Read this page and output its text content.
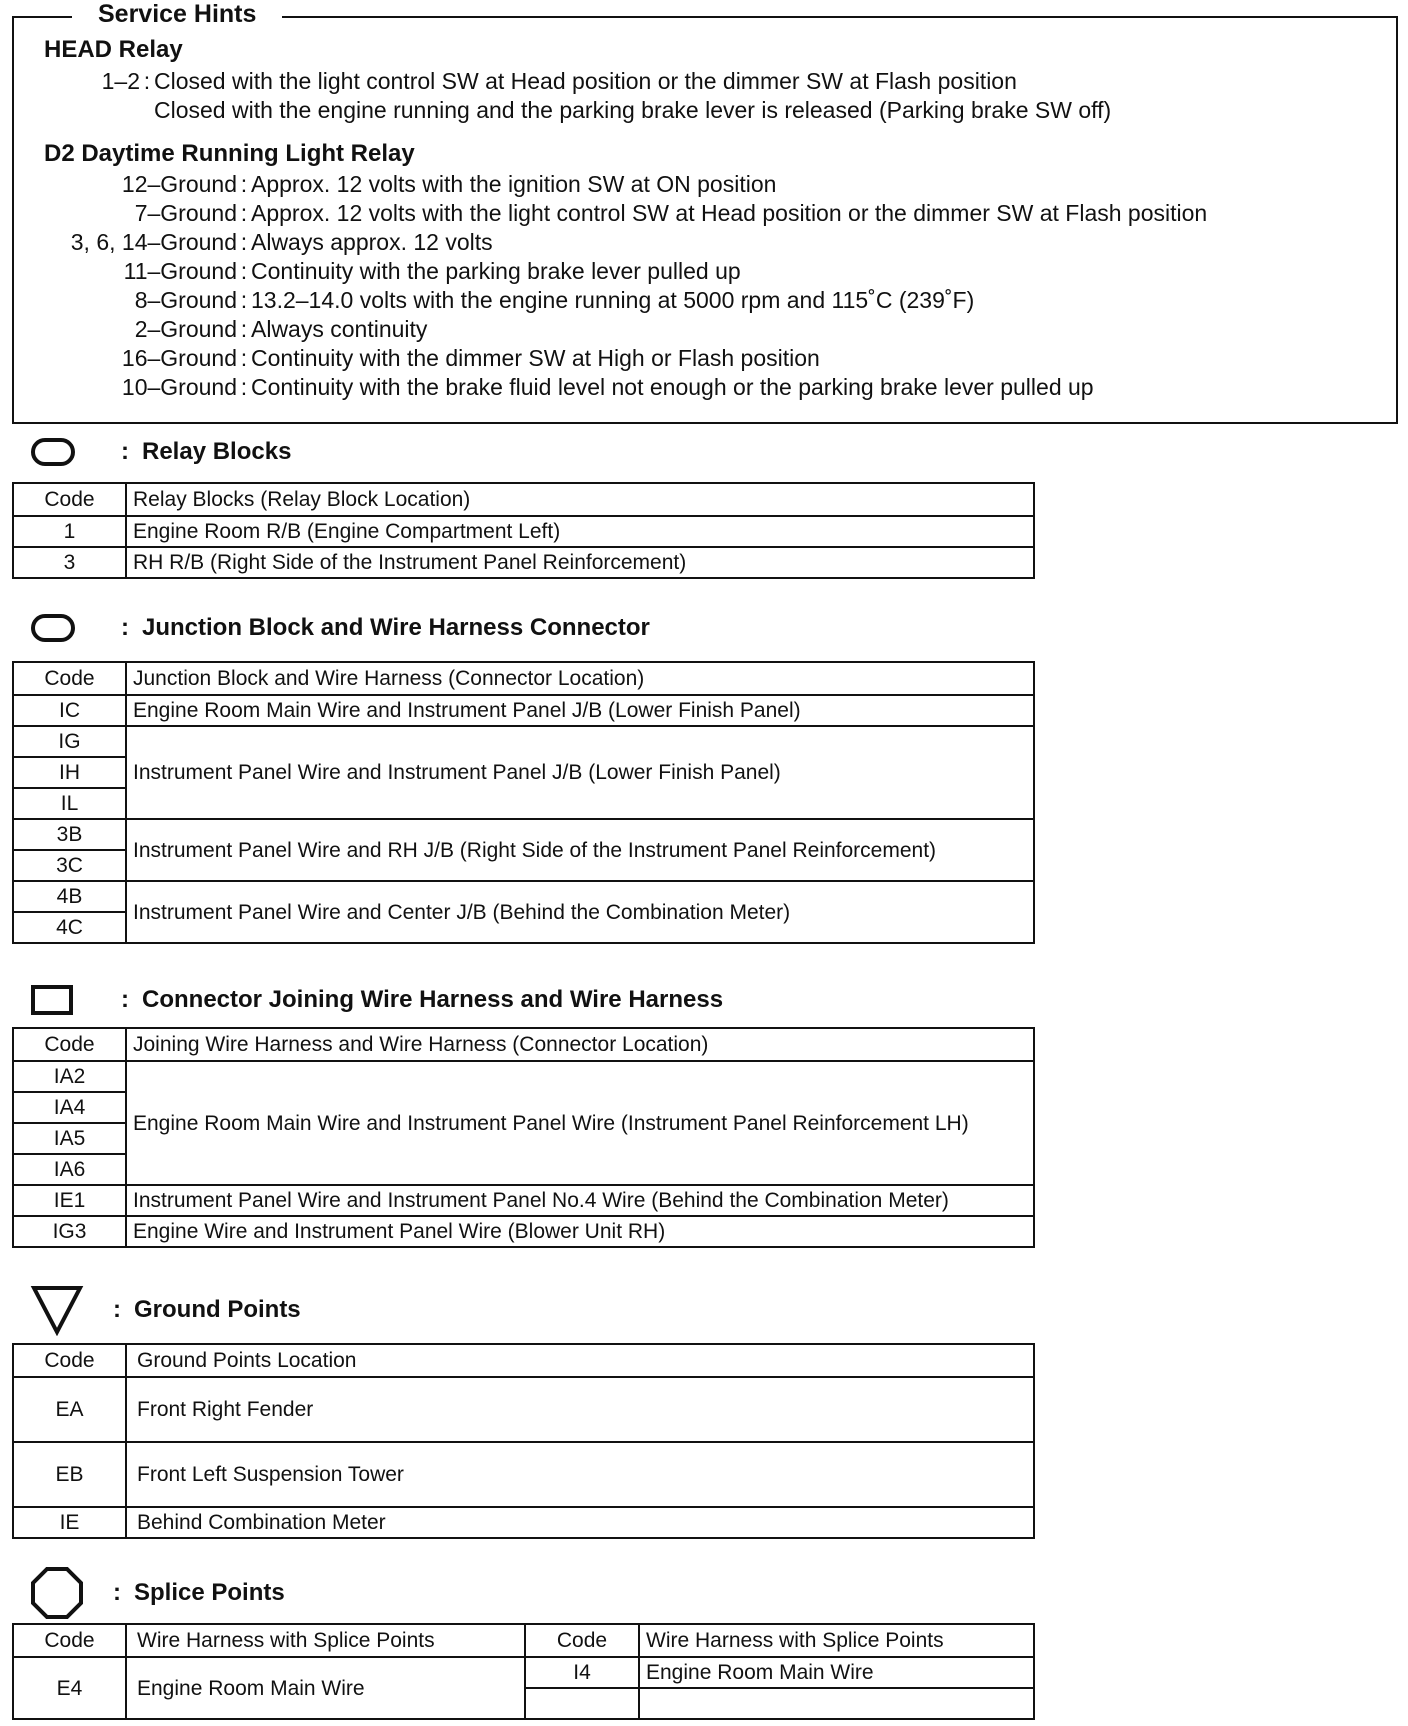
Service Hints
HEAD Relay
1–2 : Closed with the light control SW at Head position or the dimmer SW at Flash position
Closed with the engine running and the parking brake lever is released (Parking brake SW off)
D2 Daytime Running Light Relay
12–Ground : Approx. 12 volts with the ignition SW at ON position
7–Ground : Approx. 12 volts with the light control SW at Head position or the dimmer SW at Flash position
3, 6, 14–Ground : Always approx. 12 volts
11–Ground : Continuity with the parking brake lever pulled up
8–Ground : 13.2–14.0 volts with the engine running at 5000 rpm and 115˚C (239˚F)
2–Ground : Always continuity
16–Ground : Continuity with the dimmer SW at High or Flash position
10–Ground : Continuity with the brake fluid level not enough or the parking brake lever pulled up
: Relay Blocks
Code	Relay Blocks (Relay Block Location)
1	Engine Room R/B (Engine Compartment Left)
3	RH R/B (Right Side of the Instrument Panel Reinforcement)
: Junction Block and Wire Harness Connector
Code	Junction Block and Wire Harness (Connector Location)
IC	Engine Room Main Wire and Instrument Panel J/B (Lower Finish Panel)
IG	Instrument Panel Wire and Instrument Panel J/B (Lower Finish Panel)
IH	
IL	
3B	Instrument Panel Wire and RH J/B (Right Side of the Instrument Panel Reinforcement)
3C	
4B	Instrument Panel Wire and Center J/B (Behind the Combination Meter)
4C	
: Connector Joining Wire Harness and Wire Harness
Code	Joining Wire Harness and Wire Harness (Connector Location)
IA2	Engine Room Main Wire and Instrument Panel Wire (Instrument Panel Reinforcement LH)
IA4	
IA5	
IA6	
IE1	Instrument Panel Wire and Instrument Panel No.4 Wire (Behind the Combination Meter)
IG3	Engine Wire and Instrument Panel Wire (Blower Unit RH)
: Ground Points
Code	Ground Points Location
EA	Front Right Fender
EB	Front Left Suspension Tower
IE	Behind Combination Meter
: Splice Points
Code	Wire Harness with Splice Points	Code	Wire Harness with Splice Points
E4	Engine Room Main Wire	I4	Engine Room Main Wire
